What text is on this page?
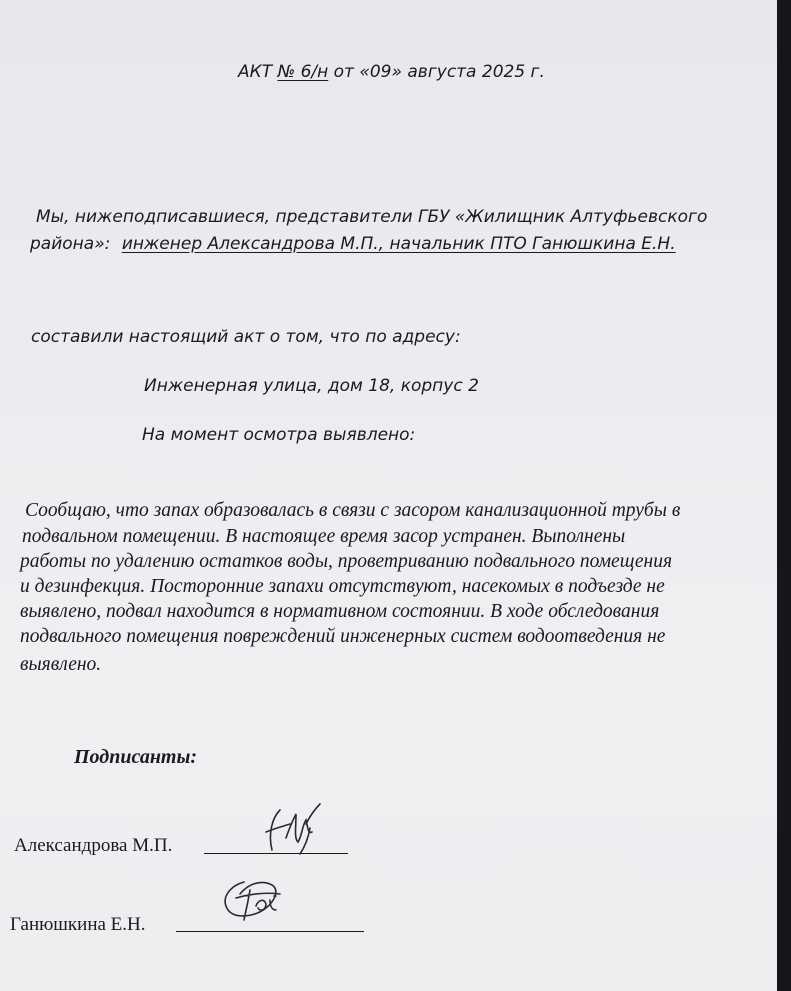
АКТ № 6/н от «09» августа 2025 г.
Мы, нижеподписавшиеся, представители ГБУ «Жилищник Алтуфьевского
района»: инженер Александрова М.П., начальник ПТО Ганюшкина Е.Н.
составили настоящий акт о том, что по адресу:
Инженерная улица, дом 18, корпус 2
На момент осмотра выявлено:
Сообщаю, что запах образовалась в связи с засором канализационной трубы в
подвальном помещении. В настоящее время засор устранен. Выполнены
работы по удалению остатков воды, проветриванию подвального помещения
и дезинфекция. Посторонние запахи отсутствуют, насекомых в подъезде не
выявлено, подвал находится в нормативном состоянии. В ходе обследования
подвального помещения повреждений инженерных систем водоотведения не
выявлено.
Подписанты:
Александрова М.П.
Ганюшкина Е.Н.
